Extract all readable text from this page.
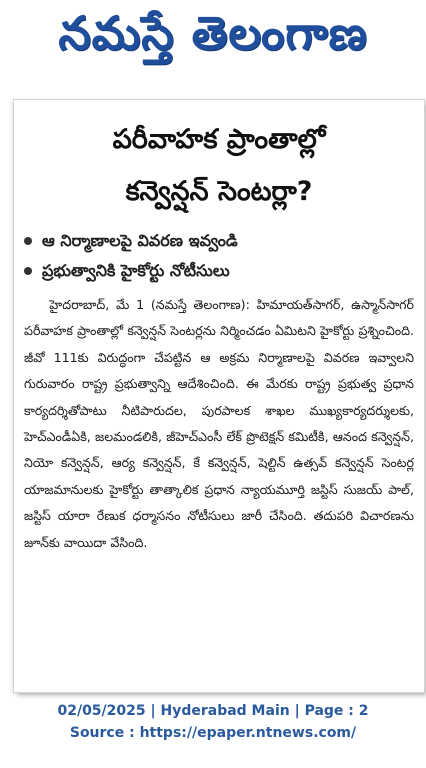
నమస్తే తెలంగాణ
పరీవాహక ప్రాంతాల్లో
కన్వెన్షన్ సెంటర్లా?
ఆ నిర్మాణాలపై వివరణ ఇవ్వండి
ప్రభుత్వానికి హైకోర్టు నోటీసులు

హైదరాబాద్, మే 1 (నమస్తే తెలంగాణ): హిమాయత్‌సాగర్, ఉస్మాన్‌సాగర్ పరీవాహక ప్రాంతాల్లో కన్వెన్షన్ సెంటర్లను నిర్మించడం ఏమిటని హైకోర్టు ప్రశ్నించింది. జీవో 111కు విరుద్ధంగా చేపట్టిన ఆ అక్రమ నిర్మాణాలపై వివరణ ఇవ్వాలని గురువారం రాష్ట్ర ప్రభుత్వాన్ని ఆదేశించింది. ఈ మేరకు రాష్ట్ర ప్రభుత్వ ప్రధాన కార్యదర్శితోపాటు నీటిపారుదల, పురపాలక శాఖల ముఖ్యకార్యదర్శులకు, హెచ్‌ఎండీఏకి, జలమండలికి, జీహెచ్‌ఎంసీ లేక్ ప్రొటెక్షన్ కమిటీకి, ఆనంద కన్వెన్షన్, నియో కన్వెన్షన్, ఆర్య కన్వెన్షన్, కే కన్వెన్షన్, షెల్టిన్ ఉత్సవ్ కన్వెన్షన్ సెంటర్ల యాజమానులకు హైకోర్టు తాత్కాలిక ప్రధాన న్యాయమూర్తి జస్టిస్ సుజయ్ పాల్, జస్టిస్ యారా రేణుక ధర్మాసనం నోటీసులు జారీ చేసింది. తదుపరి విచారణను జూన్‌కు వాయిదా వేసింది.

02/05/2025 | Hyderabad Main | Page : 2
Source : https://epaper.ntnews.com/
